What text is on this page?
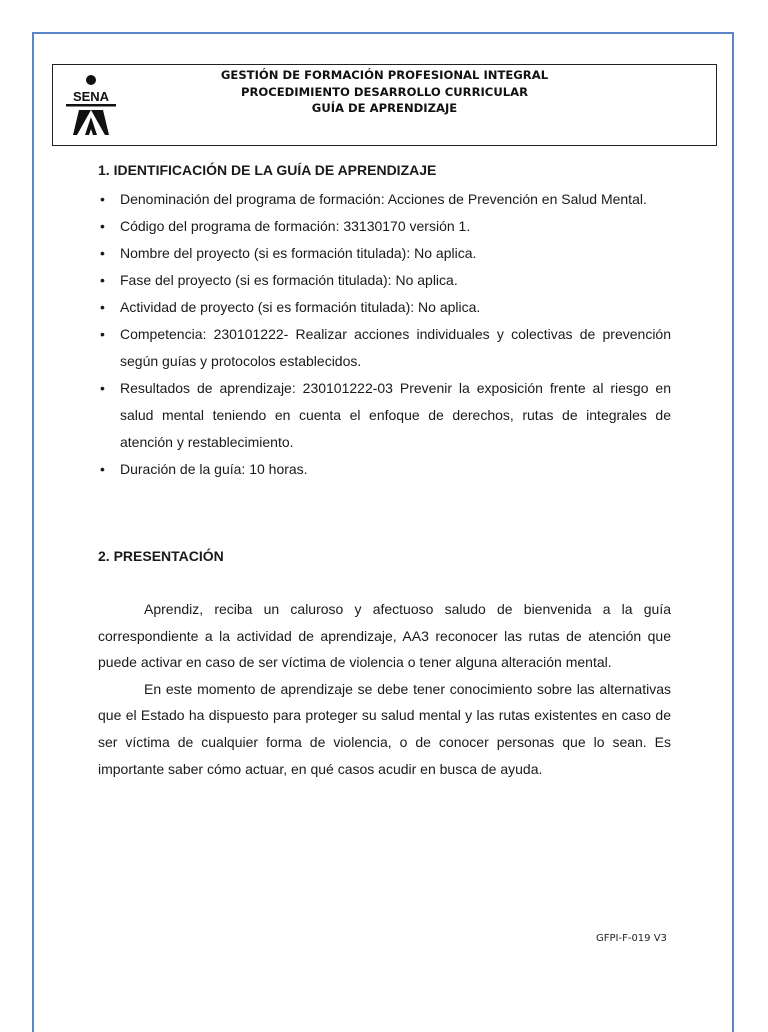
SENA
GESTIÓN DE FORMACIÓN PROFESIONAL INTEGRAL
PROCEDIMIENTO DESARROLLO CURRICULAR
GUÍA DE APRENDIZAJE
1. IDENTIFICACIÓN DE LA GUÍA DE APRENDIZAJE
• Denominación del programa de formación: Acciones de Prevención en Salud Mental.
• Código del programa de formación: 33130170 versión 1.
• Nombre del proyecto (si es formación titulada): No aplica.
• Fase del proyecto (si es formación titulada): No aplica.
• Actividad de proyecto (si es formación titulada): No aplica.
• Competencia: 230101222- Realizar acciones individuales y colectivas de prevención según guías y protocolos establecidos.
• Resultados de aprendizaje: 230101222-03 Prevenir la exposición frente al riesgo en salud mental teniendo en cuenta el enfoque de derechos, rutas de integrales de atención y restablecimiento.
• Duración de la guía: 10 horas.
2. PRESENTACIÓN

Aprendiz, reciba un caluroso y afectuoso saludo de bienvenida a la guía correspondiente a la actividad de aprendizaje, AA3 reconocer las rutas de atención que puede activar en caso de ser víctima de violencia o tener alguna alteración mental.

En este momento de aprendizaje se debe tener conocimiento sobre las alternativas que el Estado ha dispuesto para proteger su salud mental y las rutas existentes en caso de ser víctima de cualquier forma de violencia, o de conocer personas que lo sean. Es importante saber cómo actuar, en qué casos acudir en busca de ayuda.

GFPI-F-019 V3
